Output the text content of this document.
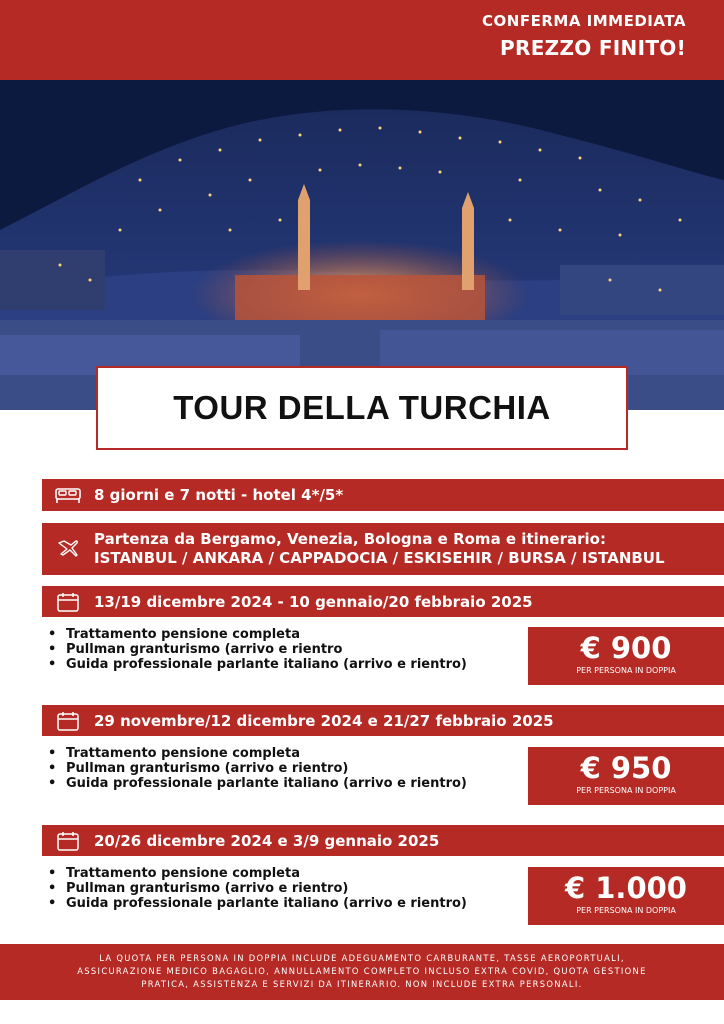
CONFERMA IMMEDIATA
PREZZO FINITO!
TOUR DELLA TURCHIA
8 giorni e 7 notti - hotel 4*/5*
Partenza da Bergamo, Venezia, Bologna e Roma e itinerario:
ISTANBUL / ANKARA / CAPPADOCIA / ESKISEHIR / BURSA / ISTANBUL
13/19 dicembre 2024 - 10 gennaio/20 febbraio 2025
• Trattamento pensione completa
• Pullman granturismo (arrivo e rientro
• Guida professionale parlante italiano (arrivo e rientro)	€ 900
PER PERSONA IN DOPPIA
29 novembre/12 dicembre 2024 e 21/27 febbraio 2025
• Trattamento pensione completa
• Pullman granturismo (arrivo e rientro)
• Guida professionale parlante italiano (arrivo e rientro)	€ 950
PER PERSONA IN DOPPIA
20/26 dicembre 2024 e 3/9 gennaio 2025
• Trattamento pensione completa
• Pullman granturismo (arrivo e rientro)
• Guida professionale parlante italiano (arrivo e rientro)	€ 1.000
PER PERSONA IN DOPPIA

LA QUOTA PER PERSONA IN DOPPIA INCLUDE ADEGUAMENTO CARBURANTE, TASSE AEROPORTUALI,

ASSICURAZIONE MEDICO BAGAGLIO, ANNULLAMENTO COMPLETO INCLUSO EXTRA COVID, QUOTA GESTIONE

PRATICA, ASSISTENZA E SERVIZI DA ITINERARIO. NON INCLUDE EXTRA PERSONALI.
